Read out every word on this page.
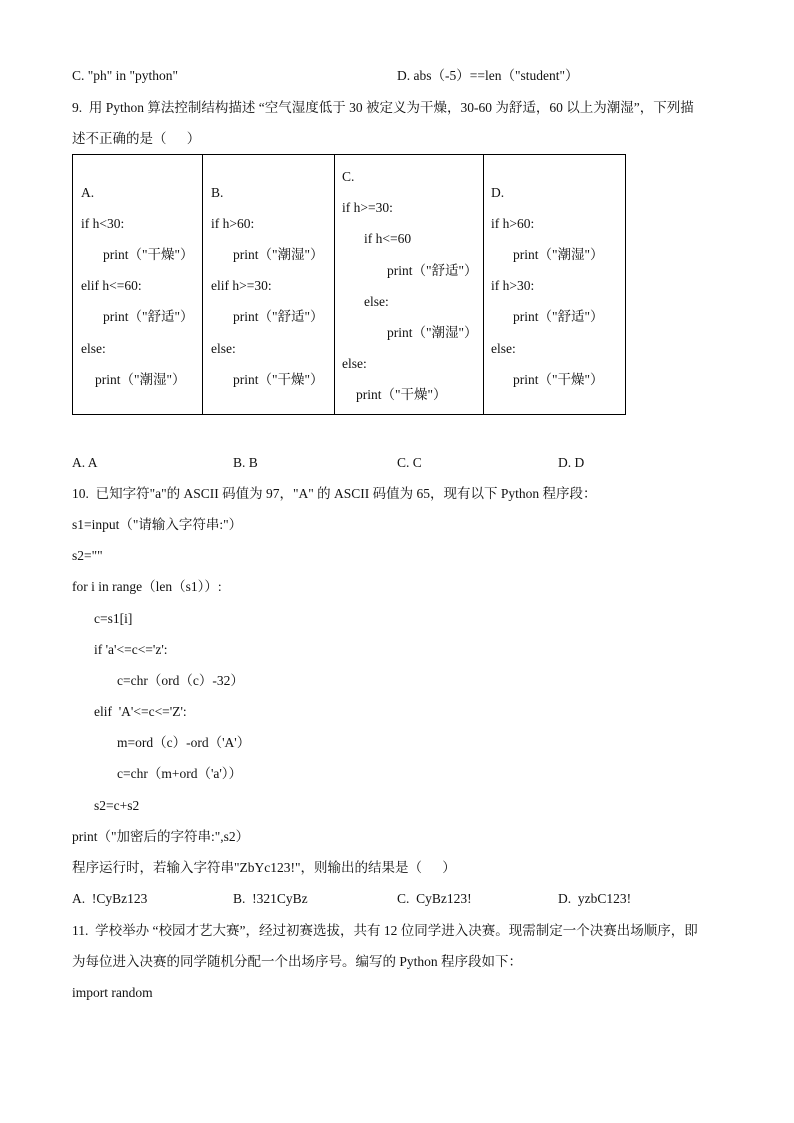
C. "ph" in "python"	D. abs（-5）==len（"student"）
9.  用 Python 算法控制结构描述 “空气湿度低于 30 被定义为干燥，30-60 为舒适，60 以上为潮湿”，下列描
述不正确的是（      ）
A.
if h<30:
print（"干燥"）
elif h<=60:
print（"舒适"）
else:
print（"潮湿"）

B.
if h>60:
print（"潮湿"）
elif h>=30:
print（"舒适"）
else:
print（"干燥"）

C.
if h>=30:
if h<=60
print（"舒适"）
else:
print（"潮湿"）
else:
print（"干燥"）

D.
if h>60:
print（"潮湿"）
if h>30:
print（"舒适"）
else:
print（"干燥"）
A. A	B. B	C. C	D. D
10.  已知字符"a"的 ASCII 码值为 97，"A" 的 ASCII 码值为 65，现有以下 Python 程序段：
s1=input（"请输入字符串:"）
s2=""
for i in range（len（s1））:
c=s1[i]
if 'a'<=c<='z':
c=chr（ord（c）-32）
elif  'A'<=c<='Z':
m=ord（c）-ord（'A'）
c=chr（m+ord（'a'））
s2=c+s2
print（"加密后的字符串:",s2）
程序运行时，若输入字符串"ZbYc123!"，则输出的结果是（      ）
A.  !CyBz123	B.  !321CyBz	C.  CyBz123!	D.  yzbC123!
11.  学校举办 “校园才艺大赛”，经过初赛选拔，共有 12 位同学进入决赛。现需制定一个决赛出场顺序，即
为每位进入决赛的同学随机分配一个出场序号。编写的 Python 程序段如下：
import random
